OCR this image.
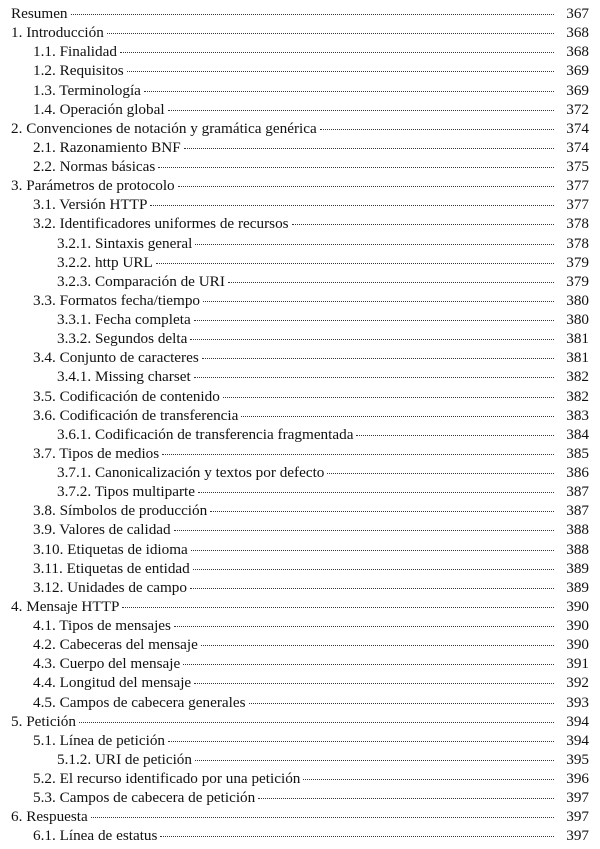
Resumen	367
1. Introducción	368
1.1. Finalidad	368
1.2. Requisitos	369
1.3. Terminología	369
1.4. Operación global	372
2. Convenciones de notación y gramática genérica	374
2.1. Razonamiento BNF	374
2.2. Normas básicas	375
3. Parámetros de protocolo	377
3.1. Versión HTTP	377
3.2. Identificadores uniformes de recursos	378
3.2.1. Sintaxis general	378
3.2.2. http URL	379
3.2.3. Comparación de URI	379
3.3. Formatos fecha/tiempo	380
3.3.1. Fecha completa	380
3.3.2. Segundos delta	381
3.4. Conjunto de caracteres	381
3.4.1. Missing charset	382
3.5. Codificación de contenido	382
3.6. Codificación de transferencia	383
3.6.1. Codificación de transferencia fragmentada	384
3.7. Tipos de medios	385
3.7.1. Canonicalización y textos por defecto	386
3.7.2. Tipos multiparte	387
3.8. Símbolos de producción	387
3.9. Valores de calidad	388
3.10. Etiquetas de idioma	388
3.11. Etiquetas de entidad	389
3.12. Unidades de campo	389
4. Mensaje HTTP	390
4.1. Tipos de mensajes	390
4.2. Cabeceras del mensaje	390
4.3. Cuerpo del mensaje	391
4.4. Longitud del mensaje	392
4.5. Campos de cabecera generales	393
5. Petición	394
5.1. Línea de petición	394
5.1.2. URI de petición	395
5.2. El recurso identificado por una petición	396
5.3. Campos de cabecera de petición	397
6. Respuesta	397
6.1. Línea de estatus	397
